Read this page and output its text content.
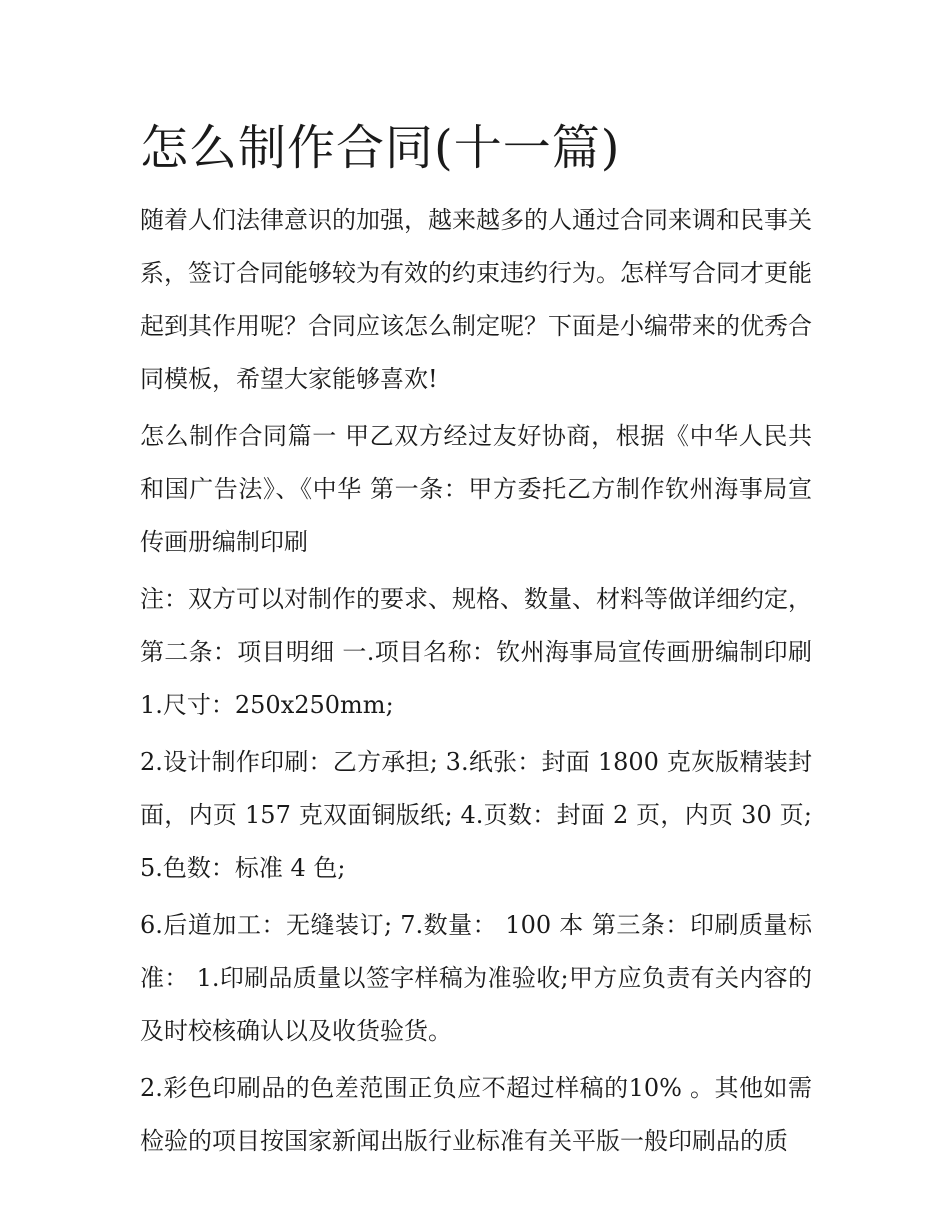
怎么制作合同(十一篇)

随着人们法律意识的加强，越来越多的人通过合同来调和民事关系，签订合同能够较为有效的约束违约行为。怎样写合同才更能起到其作用呢？合同应该怎么制定呢？下面是小编带来的优秀合同模板，希望大家能够喜欢!

怎么制作合同篇一 甲乙双方经过友好协商，根据《中华人民共和国广告法》、《中华 第一条：甲方委托乙方制作钦州海事局宣传画册编制印刷

注：双方可以对制作的要求、规格、数量、材料等做详细约定， 第二条：项目明细 一.项目名称：钦州海事局宣传画册编制印刷 1.尺寸：250x250mm;

2.设计制作印刷：乙方承担; 3.纸张：封面 1800 克灰版精装封面，内页 157 克双面铜版纸; 4.页数：封面 2 页，内页 30 页; 5.色数：标准 4 色;

6.后道加工：无缝装订; 7.数量： 100 本 第三条：印刷质量标准： 1.印刷品质量以签字样稿为准验收;甲方应负责有关内容的及时校核确认以及收货验货。

2.彩色印刷品的色差范围正负应不超过样稿的10% 。其他如需检验的项目按国家新闻出版行业标准有关平版一般印刷品的质
